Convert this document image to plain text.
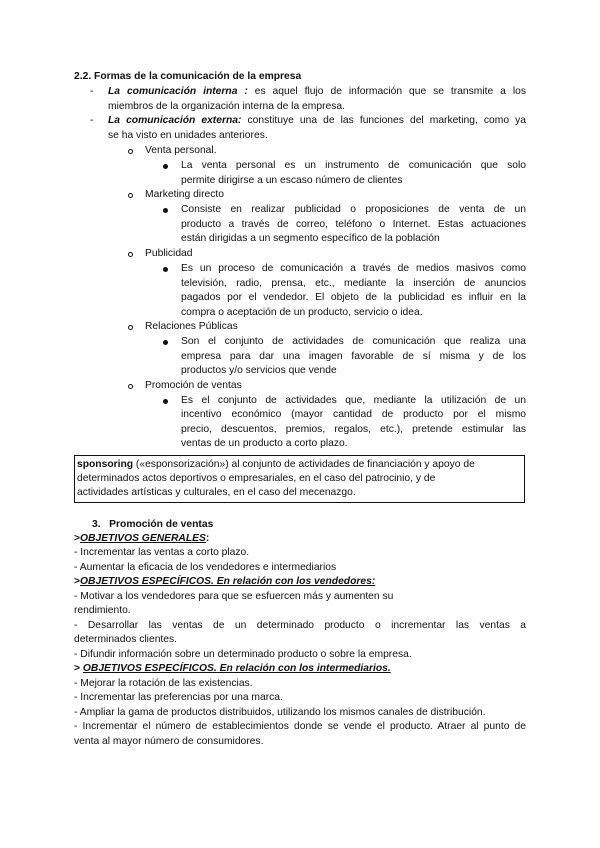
2.2. Formas de la comunicación de la empresa
- La comunicación interna : es aquel flujo de información que se transmite a los
miembros de la organización interna de la empresa.
- La comunicación externa: constituye una de las funciones del marketing, como ya
se ha visto en unidades anteriores.
Venta personal.
La venta personal es un instrumento de comunicación que solo
permite dirigirse a un escaso número de clientes
Marketing directo
Consiste en realizar publicidad o proposiciones de venta de un
producto a través de correo, teléfono o Internet. Estas actuaciones
están dirigidas a un segmento específico de la población
Publicidad
Es un proceso de comunicación a través de medios masivos como
televisión, radio, prensa, etc., mediante la inserción de anuncios
pagados por el vendedor. El objeto de la publicidad es influir en la
compra o aceptación de un producto, servicio o idea.
Relaciones Públicas
Son el conjunto de actividades de comunicación que realiza una
empresa para dar una imagen favorable de sí misma y de los
productos y/o servicios que vende
Promoción de ventas
Es el conjunto de actividades que, mediante la utilización de un
incentivo económico (mayor cantidad de producto por el mismo
precio, descuentos, premios, regalos, etc.), pretende estimular las
ventas de un producto a corto plazo.
sponsoring («esponsorización») al conjunto de actividades de financiación y apoyo de
determinados actos deportivos o empresariales, en el caso del patrocinio, y de
actividades artísticas y culturales, en el caso del mecenazgo.
3.   Promoción de ventas
>OBJETIVOS GENERALES:
- Incrementar las ventas a corto plazo.
- Aumentar la eficacia de los vendedores e intermediarios
>OBJETIVOS ESPECÍFICOS. En relación con los vendedores:
- Motivar a los vendedores para que se esfuercen más y aumenten su
rendimiento.
- Desarrollar las ventas de un determinado producto o incrementar las ventas a
determinados clientes.
- Difundir información sobre un determinado producto o sobre la empresa.
> OBJETIVOS ESPECÍFICOS. En relación con los intermediarios.
- Mejorar la rotación de las existencias.
- Incrementar las preferencias por una marca.
- Ampliar la gama de productos distribuidos, utilizando los mismos canales de distribución.
- Incrementar el número de establecimientos donde se vende el producto. Atraer al punto de
venta al mayor número de consumidores.
